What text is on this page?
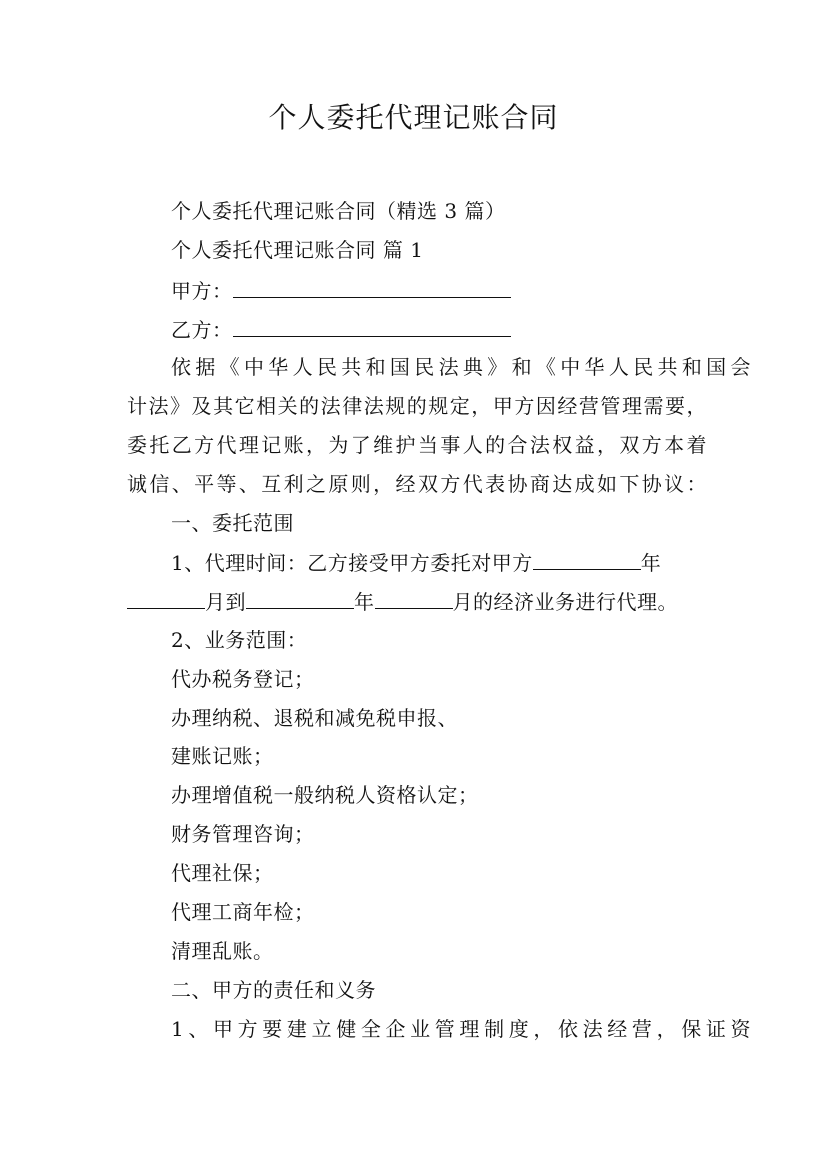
个人委托代理记账合同
个人委托代理记账合同（精选 3 篇）
个人委托代理记账合同 篇 1
甲方：
乙方：
依据《中华人民共和国民法典》和《中华人民共和国会
计法》及其它相关的法律法规的规定，甲方因经营管理需要，
委托乙方代理记账，为了维护当事人的合法权益，双方本着
诚信、平等、互利之原则，经双方代表协商达成如下协议：
一、委托范围
1、代理时间：乙方接受甲方委托对甲方	年
月到	年	月的经济业务进行代理。
2、业务范围：
代办税务登记；
办理纳税、退税和减免税申报、
建账记账；
办理增值税一般纳税人资格认定；
财务管理咨询；
代理社保；
代理工商年检；
清理乱账。
二、甲方的责任和义务
1、甲方要建立健全企业管理制度，依法经营，保证资
